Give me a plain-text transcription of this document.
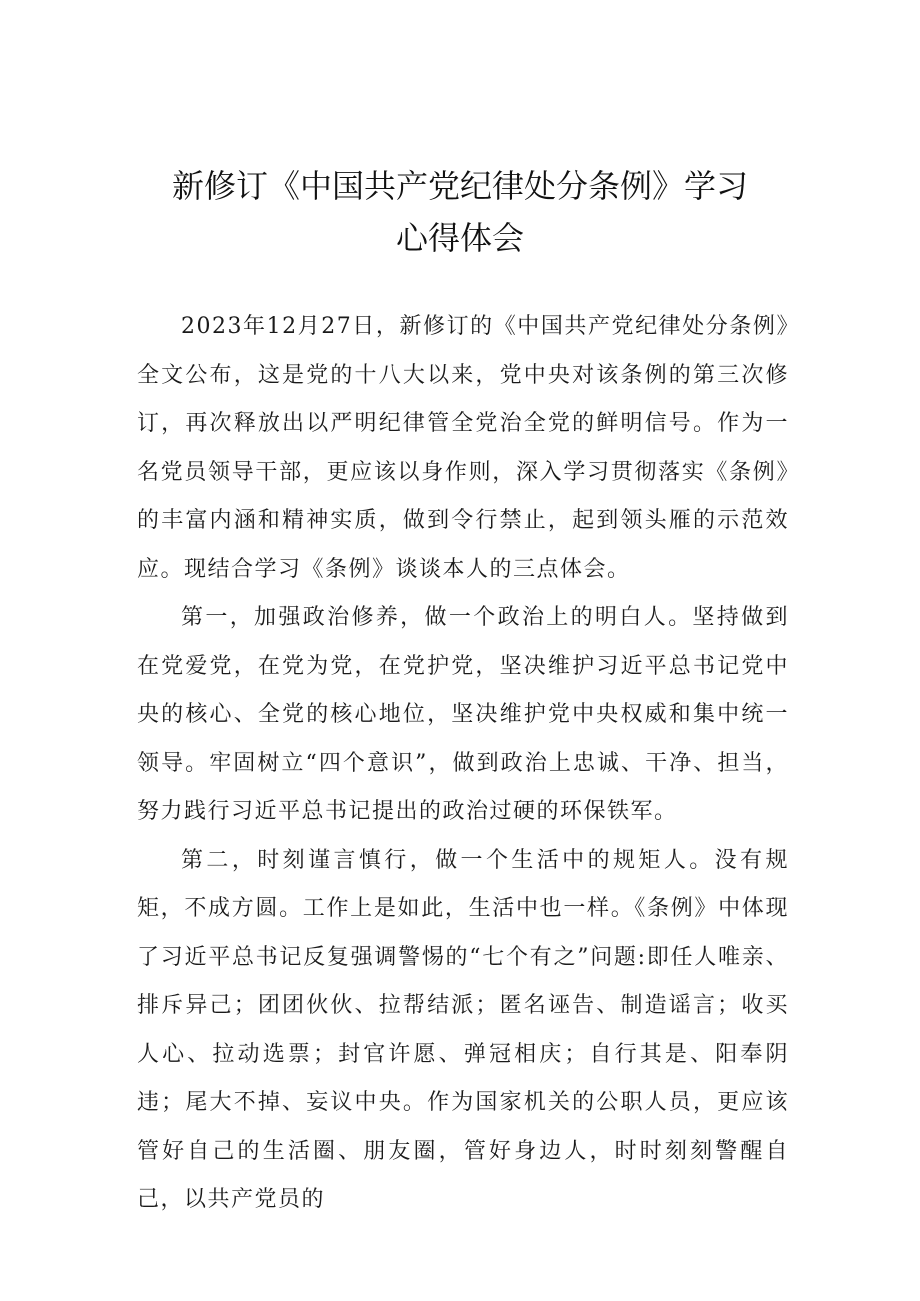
新修订《中国共产党纪律处分条例》学习
心得体会

2023年12月27日，新修订的《中国共产党纪律处分条例》全文公布，这是党的十八大以来，党中央对该条例的第三次修订，再次释放出以严明纪律管全党治全党的鲜明信号。作为一名党员领导干部，更应该以身作则，深入学习贯彻落实《条例》的丰富内涵和精神实质，做到令行禁止，起到领头雁的示范效应。现结合学习《条例》谈谈本人的三点体会。

第一，加强政治修养，做一个政治上的明白人。坚持做到在党爱党，在党为党，在党护党，坚决维护习近平总书记党中央的核心、全党的核心地位，坚决维护党中央权威和集中统一领导。牢固树立“四个意识”，做到政治上忠诚、干净、担当，努力践行习近平总书记提出的政治过硬的环保铁军。

第二，时刻谨言慎行，做一个生活中的规矩人。没有规矩，不成方圆。工作上是如此，生活中也一样。《条例》中体现了习近平总书记反复强调警惕的“七个有之”问题:即任人唯亲、排斥异己；团团伙伙、拉帮结派；匿名诬告、制造谣言；收买人心、拉动选票；封官许愿、弹冠相庆；自行其是、阳奉阴违；尾大不掉、妄议中央。作为国家机关的公职人员，更应该管好自己的生活圈、朋友圈，管好身边人，时时刻刻警醒自己，以共产党员的
